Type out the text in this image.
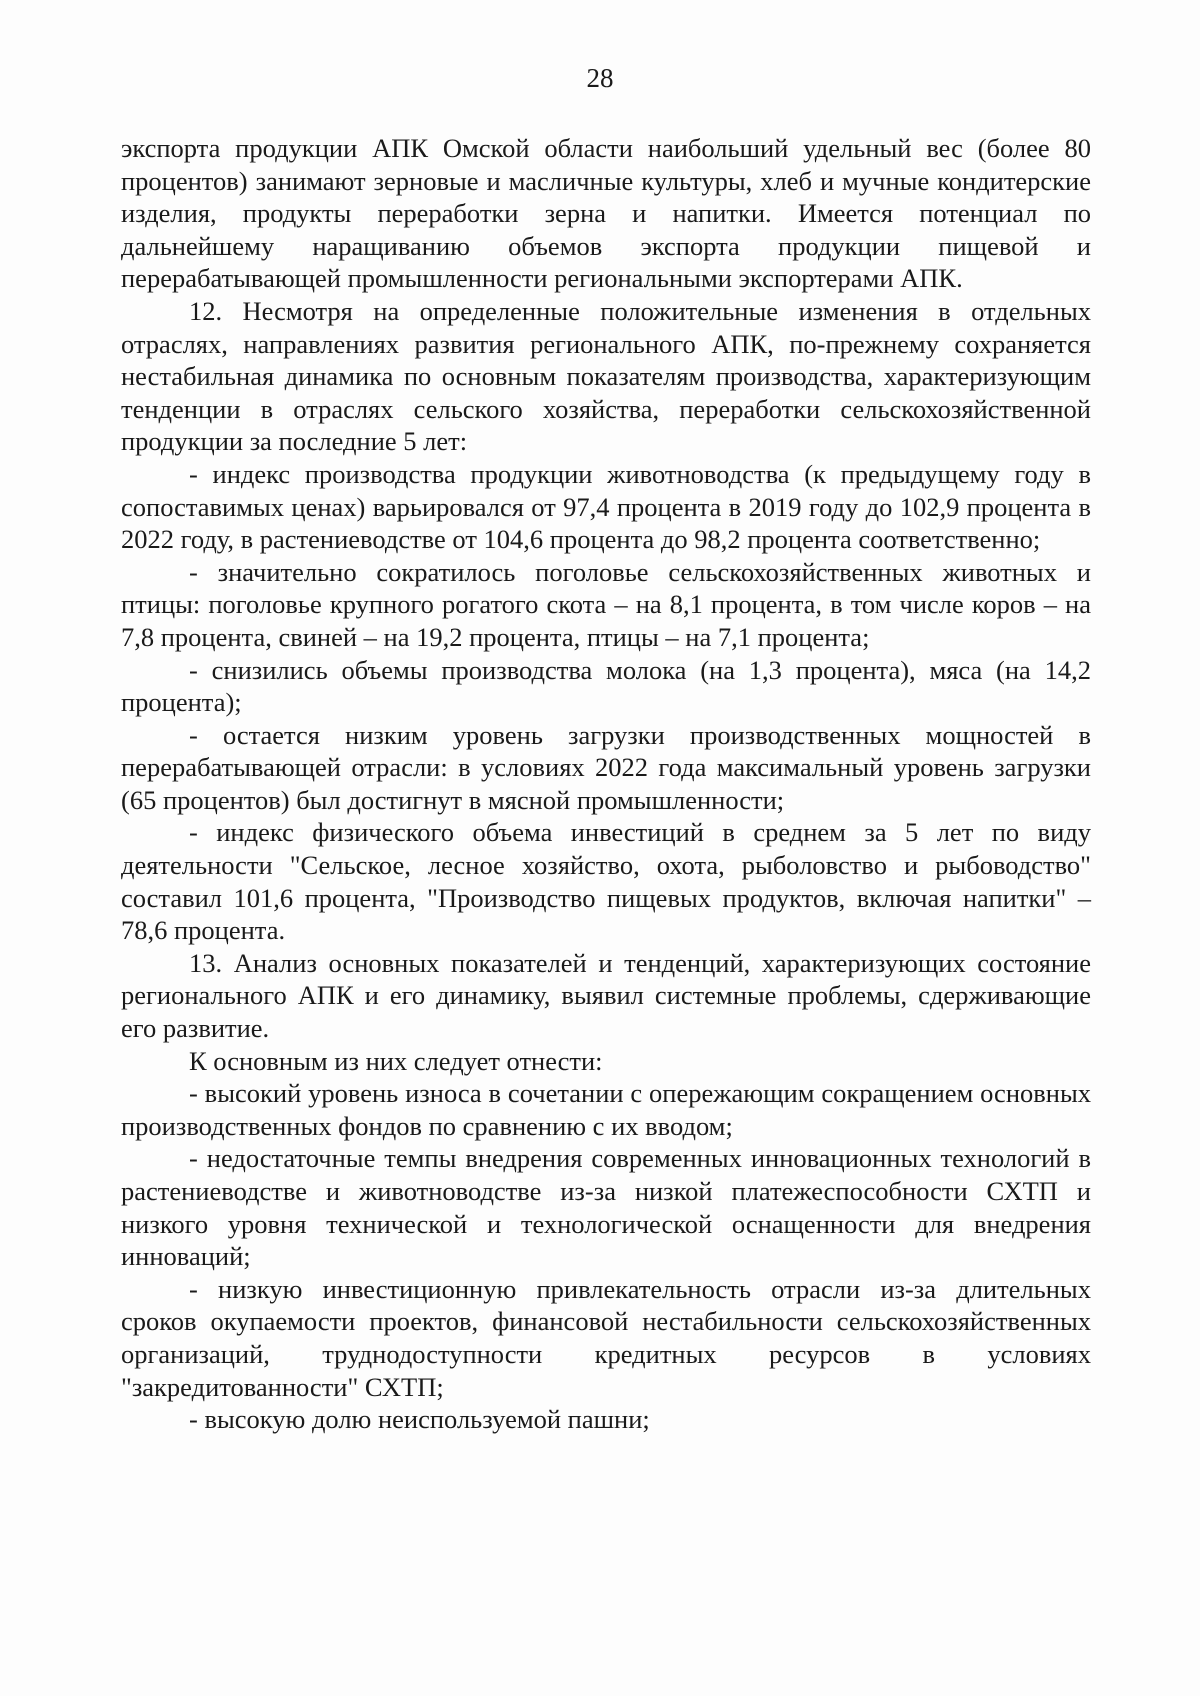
28

экспорта продукции АПК Омской области наибольший удельный вес (более 80 процентов) занимают зерновые и масличные культуры, хлеб и мучные кондитерские изделия, продукты переработки зерна и напитки. Имеется потенциал по дальнейшему наращиванию объемов экспорта продукции пищевой и перерабатывающей промышленности региональными экспортерами АПК.

12. Несмотря на определенные положительные изменения в отдельных отраслях, направлениях развития регионального АПК, по-прежнему сохраняется нестабильная динамика по основным показателям производства, характеризующим тенденции в отраслях сельского хозяйства, переработки сельскохозяйственной продукции за последние 5 лет:

- индекс производства продукции животноводства (к предыдущему году в сопоставимых ценах) варьировался от 97,4 процента в 2019 году до 102,9 процента в 2022 году, в растениеводстве от 104,6 процента до 98,2 процента соответственно;

- значительно сократилось поголовье сельскохозяйственных животных и птицы: поголовье крупного рогатого скота – на 8,1 процента, в том числе коров – на 7,8 процента, свиней – на 19,2 процента, птицы – на 7,1 процента;

- снизились объемы производства молока (на 1,3 процента), мяса (на 14,2 процента);

- остается низким уровень загрузки производственных мощностей в перерабатывающей отрасли: в условиях 2022 года максимальный уровень загрузки (65 процентов) был достигнут в мясной промышленности;

- индекс физического объема инвестиций в среднем за 5 лет по виду деятельности "Сельское, лесное хозяйство, охота, рыболовство и рыбоводство" составил 101,6 процента, "Производство пищевых продуктов, включая напитки" – 78,6 процента.

13. Анализ основных показателей и тенденций, характеризующих состояние регионального АПК и его динамику, выявил системные проблемы, сдерживающие его развитие.

К основным из них следует отнести:

- высокий уровень износа в сочетании с опережающим сокращением основных производственных фондов по сравнению с их вводом;

- недостаточные темпы внедрения современных инновационных технологий в растениеводстве и животноводстве из-за низкой платежеспособности СХТП и низкого уровня технической и технологической оснащенности для внедрения инноваций;

- низкую инвестиционную привлекательность отрасли из-за длительных сроков окупаемости проектов, финансовой нестабильности сельскохозяйственных организаций, труднодоступности кредитных ресурсов в условиях "закредитованности" СХТП;

- высокую долю неиспользуемой пашни;
